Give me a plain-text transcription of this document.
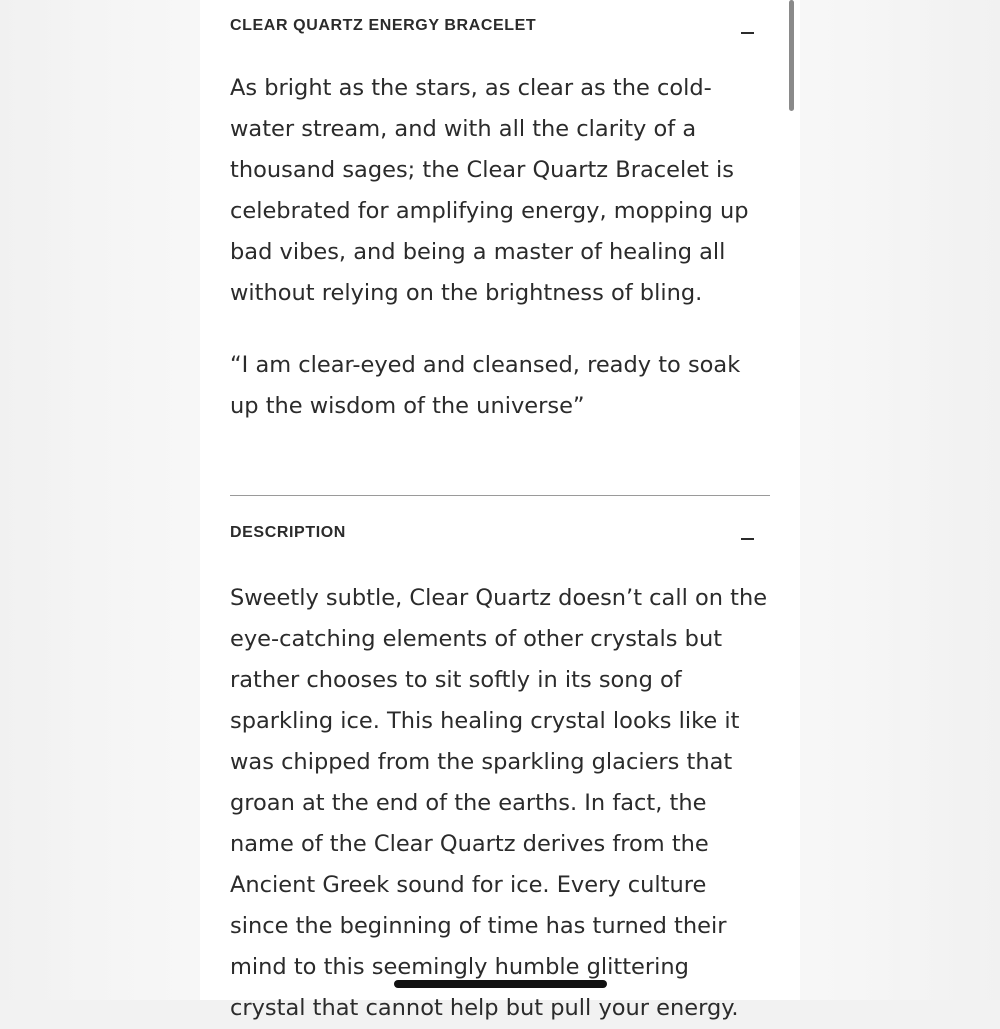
CLEAR QUARTZ ENERGY BRACELET

As bright as the stars, as clear as the cold-water stream, and with all the clarity of a thousand sages; the Clear Quartz Bracelet is celebrated for amplifying energy, mopping up bad vibes, and being a master of healing all without relying on the brightness of bling.

“I am clear-eyed and cleansed, ready to soak up the wisdom of the universe”

DESCRIPTION

Sweetly subtle, Clear Quartz doesn’t call on the eye-catching elements of other crystals but rather chooses to sit softly in its song of sparkling ice. This healing crystal looks like it was chipped from the sparkling glaciers that groan at the end of the earths. In fact, the name of the Clear Quartz derives from the Ancient Greek sound for ice. Every culture since the beginning of time has turned their mind to this seemingly humble glittering crystal that cannot help but pull your energy.
